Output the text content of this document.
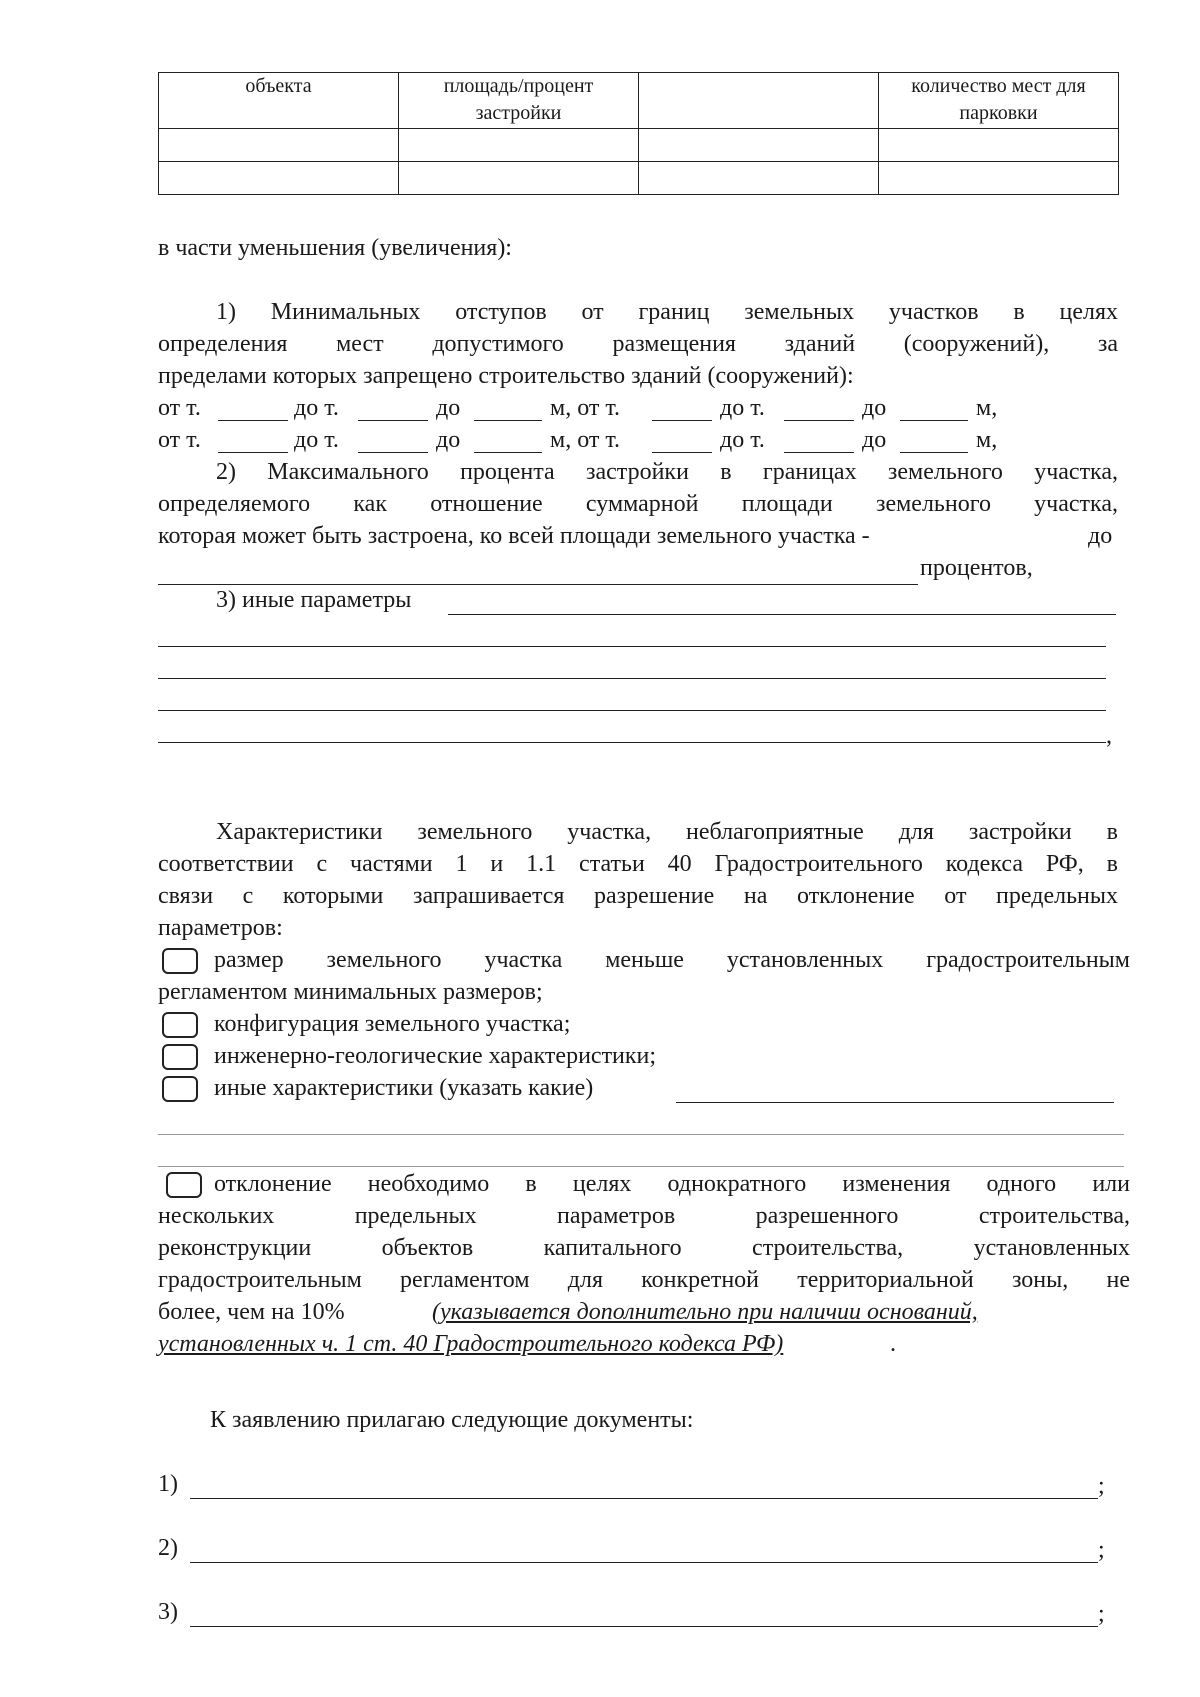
объекта	площадь/процент застройки		количество мест для парковки

в части уменьшения (увеличения):
1) Минимальных отступов от границ земельных участков в целях
определения мест допустимого размещения зданий (сооружений), за
пределами которых запрещено строительство зданий (сооружений):
от т.	до т.	до	м, от т.	до т.	до	м,
от т.	до т.	до	м, от т.	до т.	до	м,
2) Максимального процента застройки в границах земельного участка,
определяемого как отношение суммарной площади земельного участка,
которая может быть застроена, ко всей площади земельного участка -	до
процентов,
3) иные параметры
,
Характеристики земельного участка, неблагоприятные для застройки в
соответствии с частями 1 и 1.1 статьи 40 Градостроительного кодекса РФ, в
связи с которыми запрашивается разрешение на отклонение от предельных
параметров:
размер земельного участка меньше установленных градостроительным
регламентом минимальных размеров;
конфигурация земельного участка;
инженерно-геологические характеристики;
иные характеристики (указать какие)
отклонение необходимо в целях однократного изменения одного или
нескольких предельных параметров разрешенного строительства,
реконструкции объектов капитального строительства, установленных
градостроительным регламентом для конкретной территориальной зоны, не
более, чем на 10%	(указывается дополнительно при наличии оснований,
установленных ч. 1 ст. 40 Градостроительного кодекса РФ)	.
К заявлению прилагаю следующие документы:
1)	;
2)	;
3)	;
